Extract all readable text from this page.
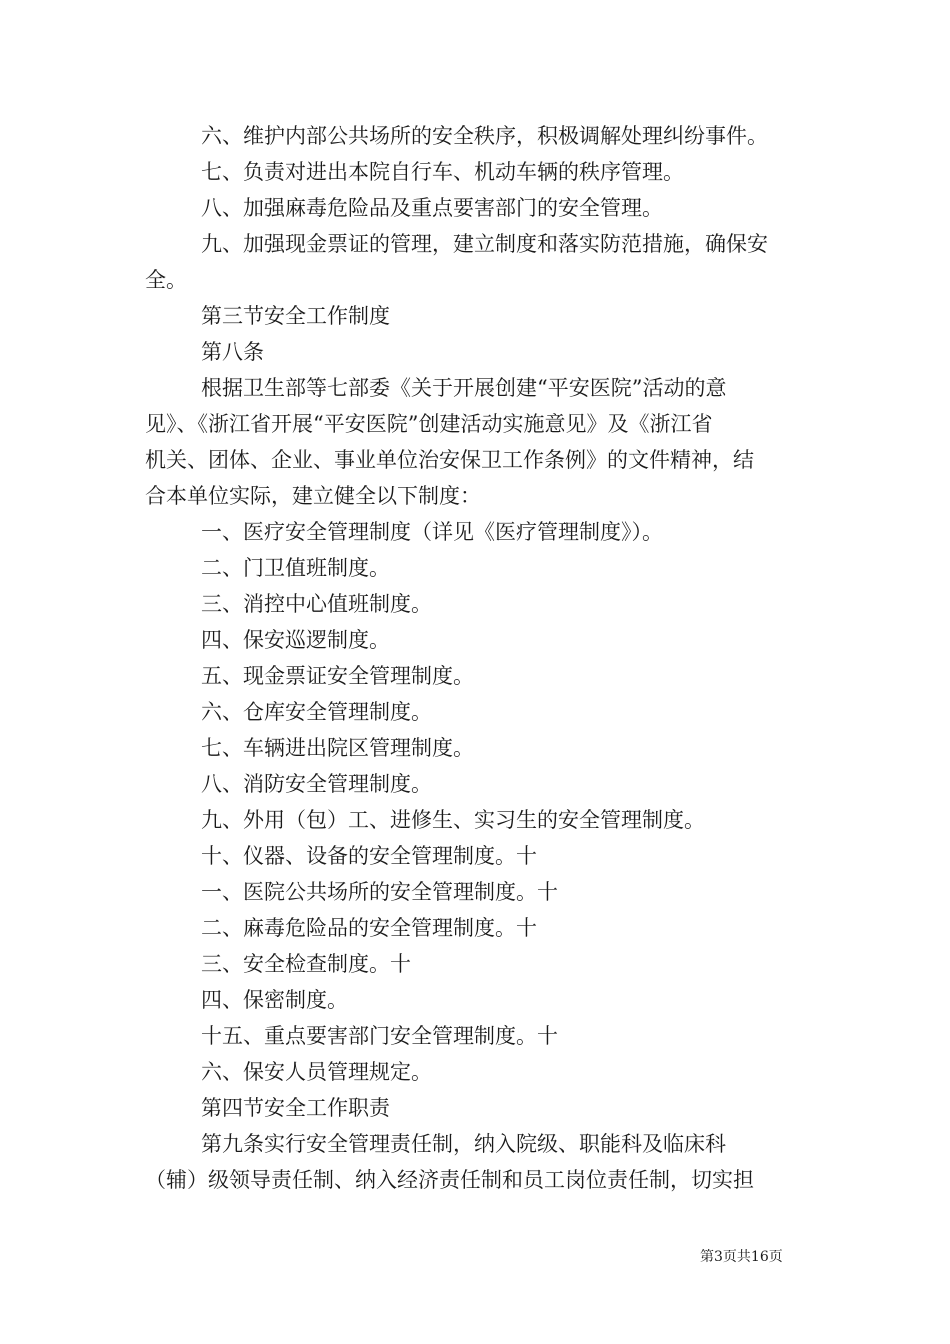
六、维护内部公共场所的安全秩序，积极调解处理纠纷事件。
七、负责对进出本院自行车、机动车辆的秩序管理。
八、加强麻毒危险品及重点要害部门的安全管理。
九、加强现金票证的管理，建立制度和落实防范措施，确保安
全。
第三节安全工作制度
第八条
根据卫生部等七部委《关于开展创建“平安医院”活动的意
见》、《浙江省开展“平安医院”创建活动实施意见》及《浙江省
机关、团体、企业、事业单位治安保卫工作条例》的文件精神，结
合本单位实际，建立健全以下制度：
一、医疗安全管理制度（详见《医疗管理制度》）。
二、门卫值班制度。
三、消控中心值班制度。
四、保安巡逻制度。
五、现金票证安全管理制度。
六、仓库安全管理制度。
七、车辆进出院区管理制度。
八、消防安全管理制度。
九、外用（包）工、进修生、实习生的安全管理制度。
十、仪器、设备的安全管理制度。十
一、医院公共场所的安全管理制度。十
二、麻毒危险品的安全管理制度。十
三、安全检查制度。十
四、保密制度。
十五、重点要害部门安全管理制度。十
六、保安人员管理规定。
第四节安全工作职责
第九条实行安全管理责任制，纳入院级、职能科及临床科
（辅）级领导责任制、纳入经济责任制和员工岗位责任制，切实担
第3页共16页
